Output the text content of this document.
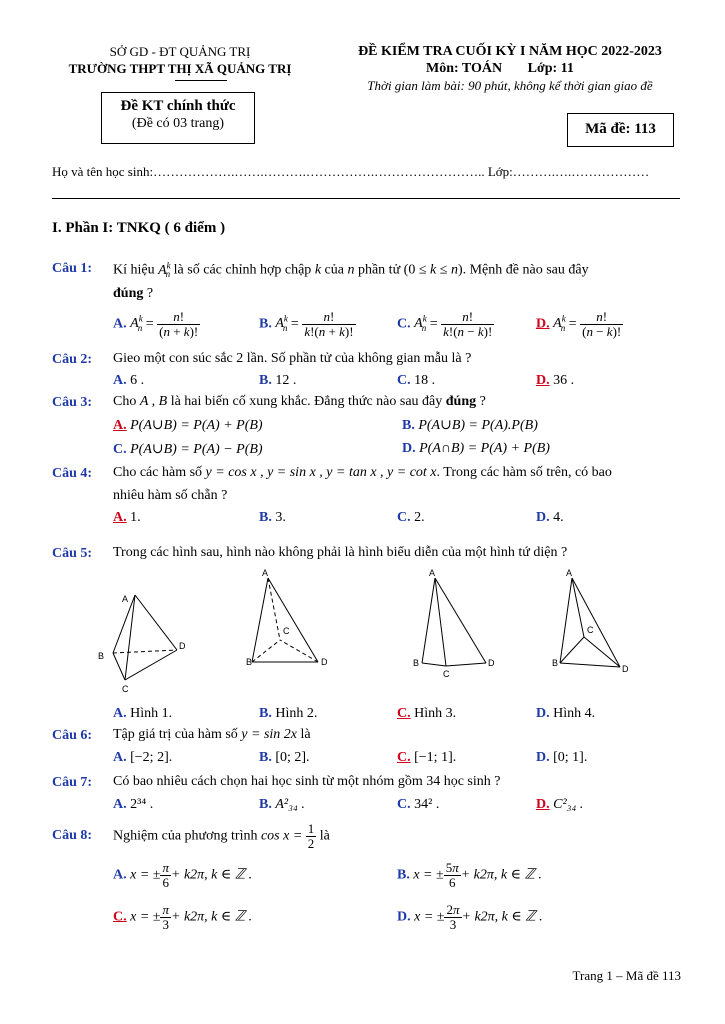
SỞ GD - ĐT QUẢNG TRỊ
TRƯỜNG THPT THỊ XÃ QUẢNG TRỊ
ĐỀ KIỂM TRA CUỐI KỲ I NĂM HỌC 2022-2023
Môn: TOÁN Lớp: 11
Thời gian làm bài: 90 phút, không kể thời gian giao đề
Đề KT chính thức
(Đề có 03 trang)	Mã đề: 113
Họ và tên học sinh:……………….…….……….…………….…………………….. Lớp:……….….………………
I. Phần I: TNKQ ( 6 điểm )
Câu 1: Kí hiệu $A^k_n$ là số các chỉnh hợp chập k của n phần tử (0 ≤ k ≤ n). Mệnh đề nào sau đây
đúng ?
A. $A^k_n = \frac{n!}{(n + k)!}$	B. $A^k_n = \frac{n!}{k!(n + k)!}$	C. $A^k_n = \frac{n!}{k!(n - k)!}$	D. $A^k_n = \frac{n!}{(n - k)!}$
Câu 2: Gieo một con súc sắc 2 lần. Số phần tử của không gian mẫu là ?
A. 6 .	B. 12 .	C. 18 .	D. 36 .
Câu 3: Cho A , B là hai biến cố xung khắc. Đẳng thức nào sau đây đúng ?
A. P(A∪B) = P(A) + P(B)	B. P(A∪B) = P(A).P(B)
C. P(A∪B) = P(A) − P(B)	D. P(A∩B) = P(A) + P(B)
Câu 4: Cho các hàm số y = cos x , y = sin x , y = tan x , y = cot x. Trong các hàm số trên, có bao
nhiêu hàm số chẵn ?
A. 1.	B. 3.	C. 2.	D. 4.
Câu 5: Trong các hình sau, hình nào không phải là hình biểu diễn của một hình tứ diện ?
A
B
C
D
A
B
C
D
A
B
C
D
A
B
C
D
A. Hình 1.	B. Hình 2.	C. Hình 3.	D. Hình 4.
Câu 6: Tập giá trị của hàm số y = sin 2x là
A. [−2; 2].	B. [0; 2].	C. [−1; 1].	D. [0; 1].
Câu 7: Có bao nhiêu cách chọn hai học sinh từ một nhóm gồm 34 học sinh ?
A. 2³⁴ .	B. A²₃₄ .	C. 34² .	D. C²₃₄ .
Câu 8: Nghiệm của phương trình $\cos x = \frac{1}{2}$ là
A. x = ± $\frac{\pi}{6} + k2\pi$, k ∈ ℤ .	B. x = ± $\frac{5\pi}{6} + k2\pi$, k ∈ ℤ .
C. x = ± $\frac{\pi}{3} + k2\pi$, k ∈ ℤ .	D. x = ± $\frac{2\pi}{3} + k2\pi$, k ∈ ℤ .
Trang 1 – Mã đề 113
